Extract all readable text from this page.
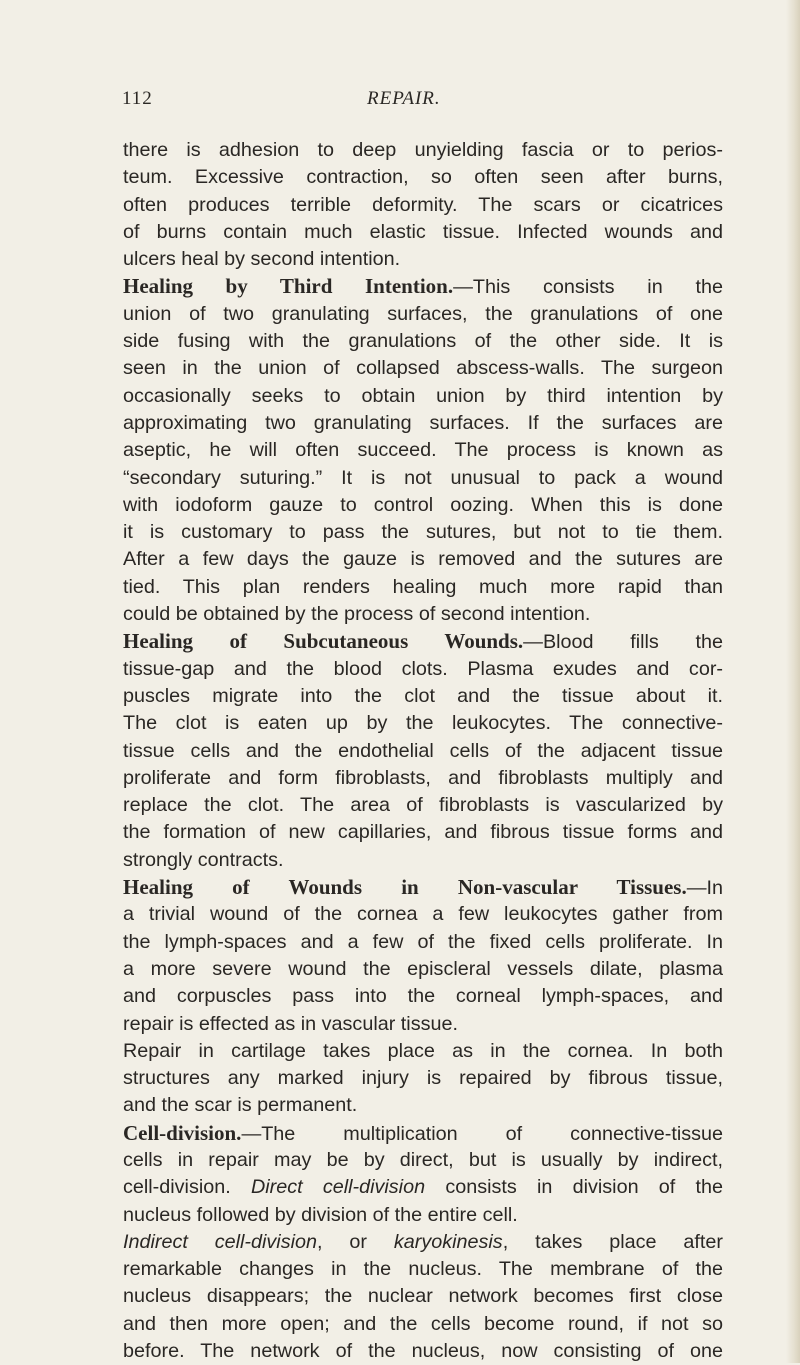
112	REPAIR.
there is adhesion to deep unyielding fascia or to perios-
teum. Excessive contraction, so often seen after burns,
often produces terrible deformity. The scars or cicatrices
of burns contain much elastic tissue. Infected wounds and
ulcers heal by second intention.
Healing by Third Intention.—This consists in the
union of two granulating surfaces, the granulations of one
side fusing with the granulations of the other side. It is
seen in the union of collapsed abscess-walls. The surgeon
occasionally seeks to obtain union by third intention by
approximating two granulating surfaces. If the surfaces are
aseptic, he will often succeed. The process is known as
“secondary suturing.” It is not unusual to pack a wound
with iodoform gauze to control oozing. When this is done
it is customary to pass the sutures, but not to tie them.
After a few days the gauze is removed and the sutures are
tied. This plan renders healing much more rapid than
could be obtained by the process of second intention.
Healing of Subcutaneous Wounds.—Blood fills the
tissue-gap and the blood clots. Plasma exudes and cor-
puscles migrate into the clot and the tissue about it.
The clot is eaten up by the leukocytes. The connective-
tissue cells and the endothelial cells of the adjacent tissue
proliferate and form fibroblasts, and fibroblasts multiply and
replace the clot. The area of fibroblasts is vascularized by
the formation of new capillaries, and fibrous tissue forms and
strongly contracts.
Healing of Wounds in Non-vascular Tissues.—In
a trivial wound of the cornea a few leukocytes gather from
the lymph-spaces and a few of the fixed cells proliferate. In
a more severe wound the episcleral vessels dilate, plasma
and corpuscles pass into the corneal lymph-spaces, and
repair is effected as in vascular tissue.
Repair in cartilage takes place as in the cornea. In both
structures any marked injury is repaired by fibrous tissue,
and the scar is permanent.
Cell-division.—The multiplication of connective-tissue
cells in repair may be by direct, but is usually by indirect,
cell-division. Direct cell-division consists in division of the
nucleus followed by division of the entire cell.
Indirect cell-division, or karyokinesis, takes place after
remarkable changes in the nucleus. The membrane of the
nucleus disappears; the nuclear network becomes first close
and then more open; and the cells become round, if not so
before. The network of the nucleus, now consisting of one
